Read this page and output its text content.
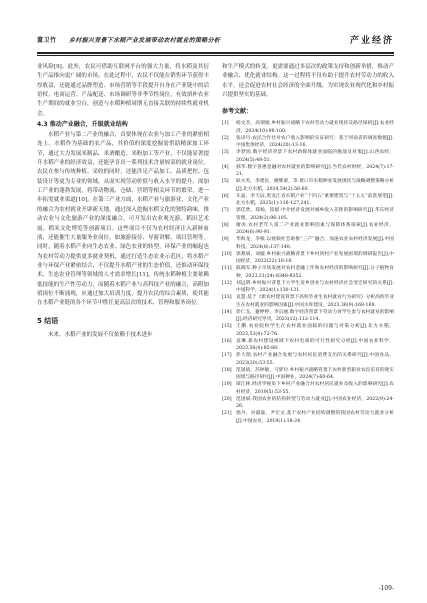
董卫竹 乡村振兴背景下水稻产业发展带动农村就业的策略分析	产业经济

业风险[9]。此外，农民可借助互联网平台的强大力量，将水稻及其衍生产品推向更广阔的市场。在此过程中，农民不仅能在销售环节获得丰厚收益，还能通过品牌塑造、市场营销等手段提升自身在产业链中的话语权。电商运营、产品配送、市场调研等非季节性岗位，有效填补农业生产期间的就业空白，创造与水稻种植周期无直接关联的持续性就业机会。

4.3 推动产业融合，升级就业结构

水稻产业与第二产业的融合，首要体现在农业与加工产业的紧密相连上。水稻作为基础的农产品，其价值的深度挖掘需借助精深加工环节，通过大力发展米制品、米酒酿造、米粉加工等产业，不仅能显著提升水稻产业的经济效益，还能孕育出一系列技术含量较高的就业岗位。农民在参与传统种植、采收的同时，还能涉足产品加工、品质把控、包装设计等更为专业的领域，从而实现劳动价值与收入水平的提升。深加工产业的蓬勃发展，将带动物流、仓储、营销等相关环节的繁荣，进一步拓宽就业渠道[10]。在第三产业方面，水稻产业与旅游业、文化产业的融合为农村就业开辟新天地。通过深入挖掘水稻文化的独特韵味，推动农业与文化旅游产业的深度融合，可开发出农业观光游、稻田艺术展、稻米文化博览等创新项目。这些项目不仅为农村经济注入新鲜血液，还能催生大量服务业岗位，如旅游接待、导游讲解、项目管理等。同时，随着水稻产业向生态农业、绿色农业的转型，环保产业的崛起也为农村劳动力提供更多就业契机，通过打造生态农业示范区，将水稻产业与环保产业紧密结合，不仅提升水稻产业的生态价值，还推动环保技术、生态农业管理等领域的人才需求增长[11]。传统水稻种植主要依赖低技能的生产性劳动力，而随着水稻产业与高科技产业的融合，高附加值岗位不断涌现，应通过加大培训力度，提升农民的综合素质，使其能在水稻产业链的各个环节中胜任更高层次的技术、管理和服务岗位。

5 结语

未来，水稻产业的发展不仅依赖于技术进步

和生产模式的转变，更需要通过多层次的政策支持和创新举措，推动产业融合、优化就业结构。这一过程将不仅有助于提升农村劳动力的收入水平，还会促进农村社会经济的全面升级，为实现农业现代化和乡村振兴提供坚实的基础。

参考文献：
[1]	杨文杰，高瑞娟.乡村振兴战略下农村劳动力就业现状及路径探析[J].农业经济，2024(10):98-100.
[2]	张译丹.农民合作社对农户收入影响的实证研究：基于河南省的调查数据[J].中国集体经济，2024(20):13-16.
[3]	李梦囡.数字经济背景下农村新媒体就业面临的挑战及对策[J].山西农经，2024(5):48-51.
[4]	郝华.数字普惠金融对农村就业的影响研究[J].当代农村财经，2024(7):17-21.
[5]	耿夫英，李建民，姚继蒙，等.黄口市水稻种业发展现状与战略调整策略分析[J].北方水稻，2024,54(2):56-60.
[6]	车晶，李天辰.黑龙江省水稻产业“十四五”重要建筑与“十五五”前景展望[J].北方水稻，2025(1):116-127,241.
[7]	郭佳欣，郑杨，崔媛.中介经济发展对城乡收入差距的影响研究[J].华东经济管理，2024(2):96-105.
[8]	谢虎.农村老年人第二产业就业影响因素与保障体系探索[J].农业经济，2024(6):90-91.
[9]	华海龙，李根.以视频社会助推“三产”融合，加速农业农村经济发展[J].中国科技，2024(8):137-140.
[10] 郭燕斌，刘媛.乡村振兴战略背景下乡村到村产业发展困境的调研报告[J].中国经济，2022(22):16-18.
[11] 陈晓军.种子市场发展对农村金融工作和农村经济的影响研究[J].分子植物育种，2023,21(24):8348-8352.
[12] 刘远明.乡村振兴背景下大学生返乡创业与农村经济社会变迁研究的关系[J].中国科学，2024(1):130-131.
[13] 袁慧.基于《新农村建设背景下高校毕业生农村就业行为研究》分析高校毕业生在农村就业的影响因素[J].中国水库建设，2023,36(9):168-169.
[14] 彭仁戈，蹇婷婷，李宗丽.数字经济背景下劳动力再学生参与农村就业的影响[J].经济研究导刊，2023(12):112-114.
[15] 王鹏.农业院校学生在农村就业面临的问题与对策分析[J].北方水稻，2023,53(4):72-76.
[16] 袁琳.新农村建设视域下农村电商的可行性研究分析[J].中国农业科学，2023,56(4):85-88.
[17] 彭大瑞.农村产业融合发展与农村居民消费支出的关系研究[J].中国食品，2023(20):53-55.
[18] 范国斌，苏钟敏，马梦玲.乡村振兴战略背景下农村新型职业农民培育的现实困境与路径研究[J].中国种业，2024(7):60-64.
[19] 谭江林.经济学视角下乡村产业融合对农村居民就业及收入的影响研究[J].农村经济，2019(5):53-55.
[20] 范国斌.我国农业的结构转型与劳动力就业[J].中国农业经济，2022(9):24-26.
[21] 郭丹，谷淑波，尹宏文.基于农村产业结构调整的我国农村劳动力就业分析[J].中国农业，2019(1):18-24.
-109-
